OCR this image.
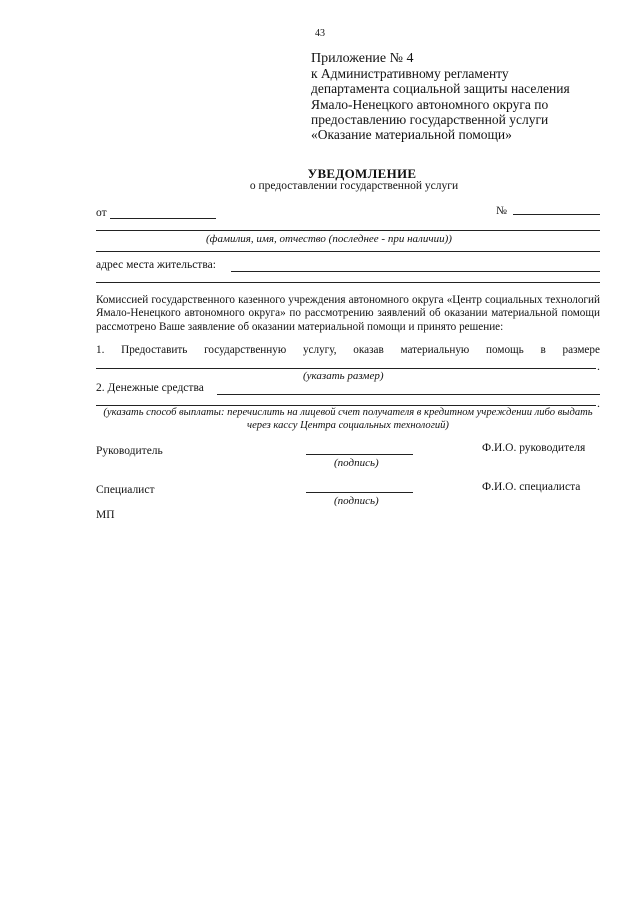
43
Приложение № 4
к Административному регламенту
департамента социальной защиты населения
Ямало-Ненецкого автономного округа по
предоставлению государственной услуги
«Оказание материальной помощи»
УВЕДОМЛЕНИЕ
о предоставлении государственной услуги
от	№
(фамилия, имя, отчество (последнее - при наличии))
адрес места жительства:
Комиссией государственного казенного учреждения автономного округа «Центр социальных технологий Ямало-Ненецкого автономного округа» по рассмотрению заявлений об оказании материальной помощи рассмотрено Ваше заявление об оказании материальной помощи и принято решение:
1. Предоставить государственную услугу, оказав материальную помощь в размере
.
(указать размер)
2. Денежные средства
.
(указать способ выплаты: перечислить на лицевой счет получателя в кредитном учреждении либо выдать через кассу Центра социальных технологий)
Руководитель
(подпись)
Ф.И.О. руководителя
Специалист
(подпись)
Ф.И.О. специалиста
МП
